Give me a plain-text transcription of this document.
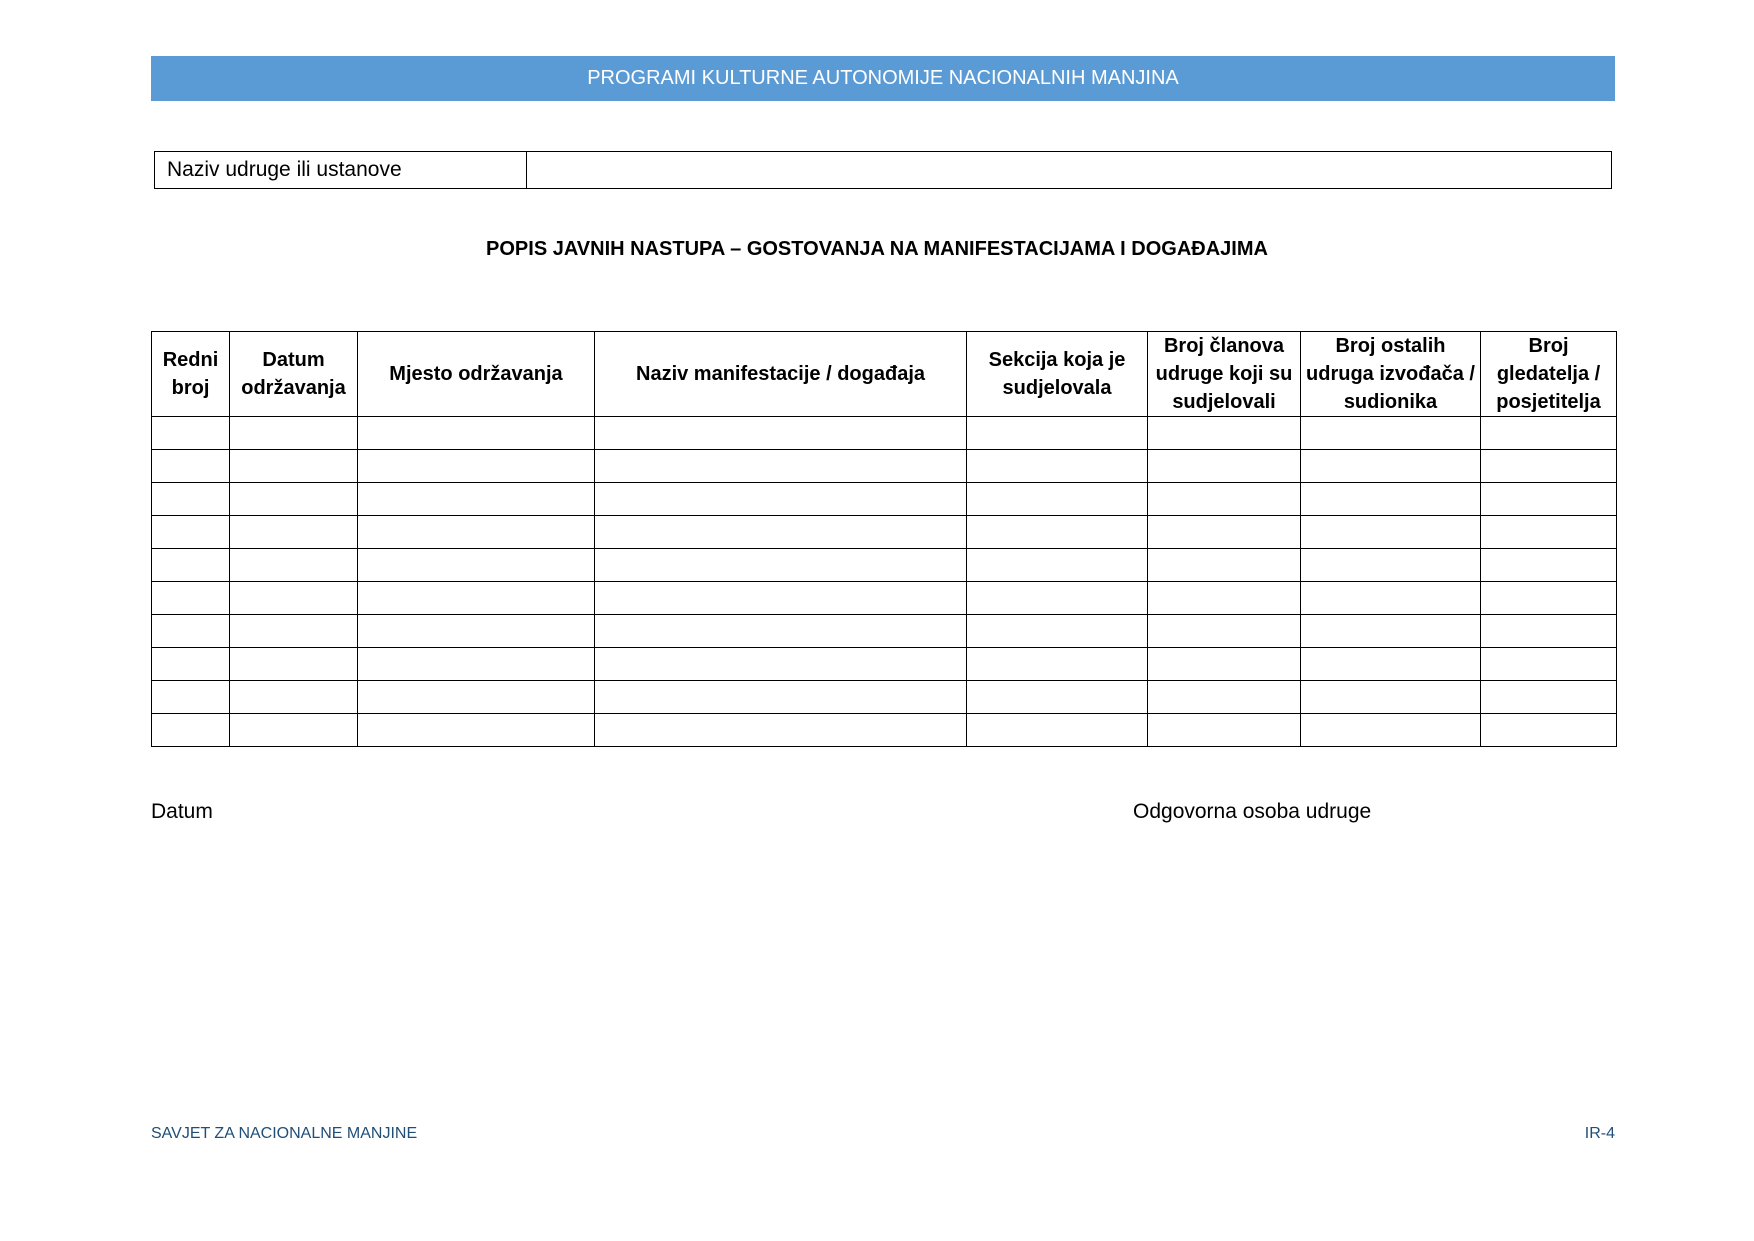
PROGRAMI KULTURNE AUTONOMIJE NACIONALNIH MANJINA
Naziv udruge ili ustanove	
POPIS JAVNIH NASTUPA – GOSTOVANJA NA MANIFESTACIJAMA I DOGAĐAJIMA
Redni broj	Datum održavanja	Mjesto održavanja	Naziv manifestacije / događaja	Sekcija koja je sudjelovala	Broj članova udruge koji su sudjelovali	Broj ostalih udruga izvođača / sudionika	Broj gledatelja / posjetitelja

Datum	Odgovorna osoba udruge
SAVJET ZA NACIONALNE MANJINE	IR-4
